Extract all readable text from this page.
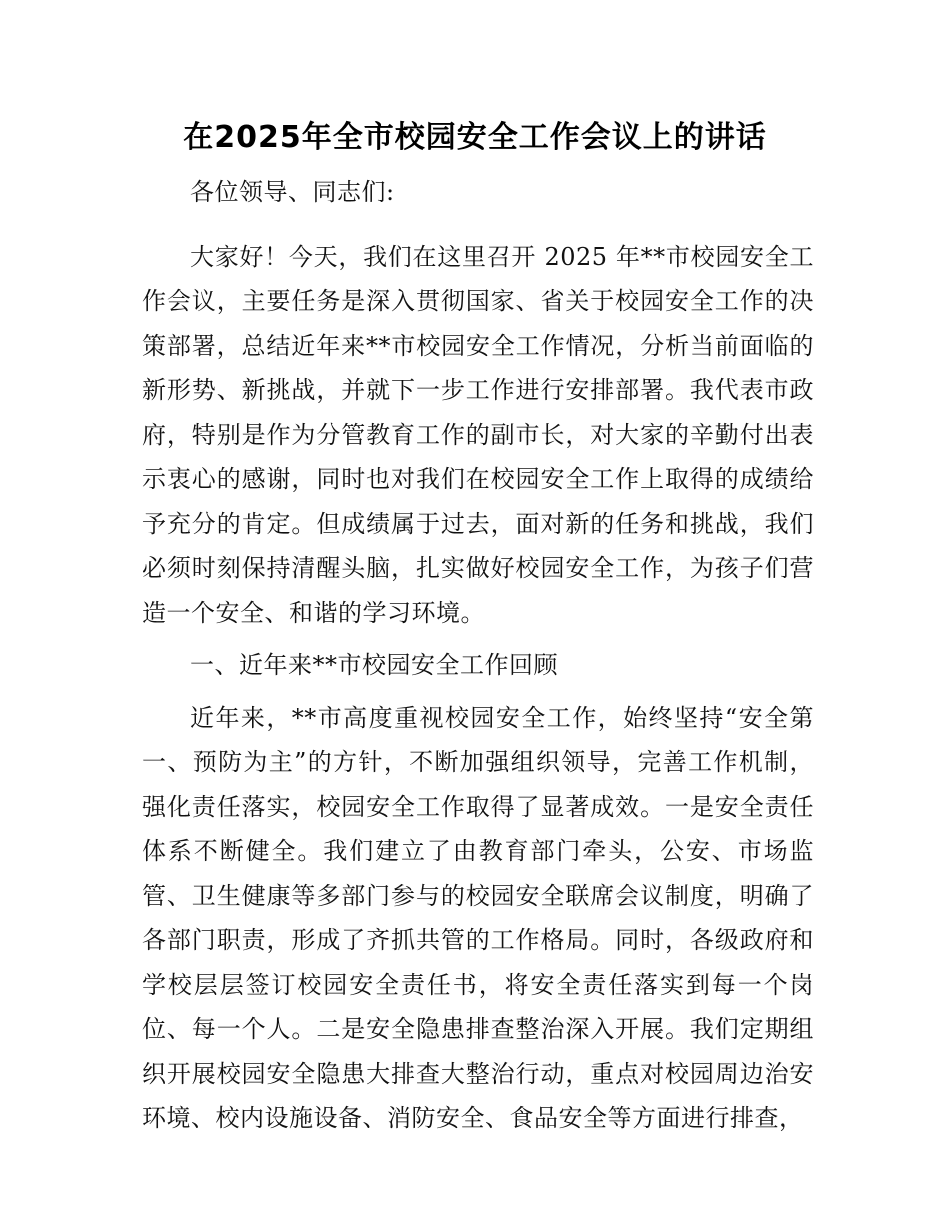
在2025年全市校园安全工作会议上的讲话

各位领导、同志们:

大家好！今天，我们在这里召开 2025 年**市校园安全工作会议，主要任务是深入贯彻国家、省关于校园安全工作的决策部署，总结近年来**市校园安全工作情况，分析当前面临的新形势、新挑战，并就下一步工作进行安排部署。我代表市政府，特别是作为分管教育工作的副市长，对大家的辛勤付出表示衷心的感谢，同时也对我们在校园安全工作上取得的成绩给予充分的肯定。但成绩属于过去，面对新的任务和挑战，我们必须时刻保持清醒头脑，扎实做好校园安全工作，为孩子们营造一个安全、和谐的学习环境。

一、近年来**市校园安全工作回顾

近年来，**市高度重视校园安全工作，始终坚持“安全第一、预防为主”的方针，不断加强组织领导，完善工作机制，强化责任落实，校园安全工作取得了显著成效。一是安全责任体系不断健全。我们建立了由教育部门牵头，公安、市场监管、卫生健康等多部门参与的校园安全联席会议制度，明确了各部门职责，形成了齐抓共管的工作格局。同时，各级政府和学校层层签订校园安全责任书，将安全责任落实到每一个岗位、每一个人。二是安全隐患排查整治深入开展。我们定期组织开展校园安全隐患大排查大整治行动，重点对校园周边治安环境、校内设施设备、消防安全、食品安全等方面进行排查，
